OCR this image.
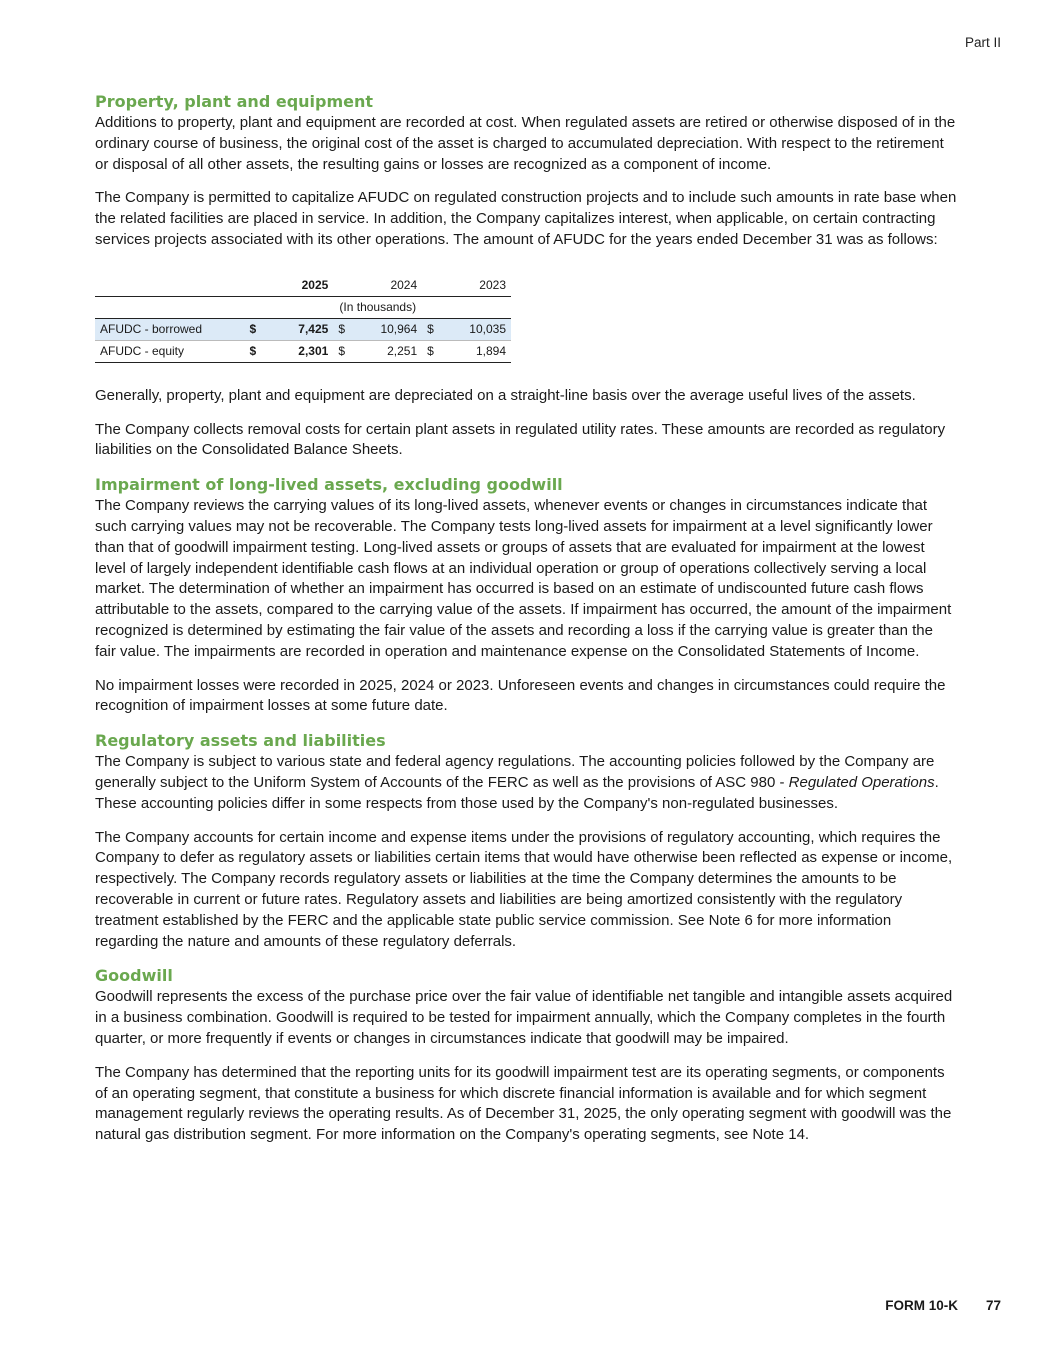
Part II
Property, plant and equipment

Additions to property, plant and equipment are recorded at cost. When regulated assets are retired or otherwise disposed of in the ordinary course of business, the original cost of the asset is charged to accumulated depreciation. With respect to the retirement or disposal of all other assets, the resulting gains or losses are recognized as a component of income.

The Company is permitted to capitalize AFUDC on regulated construction projects and to include such amounts in rate base when the related facilities are placed in service. In addition, the Company capitalizes interest, when applicable, on certain contracting services projects associated with its other operations. The amount of AFUDC for the years ended December 31 was as follows:

		2025		2024		2023
	(In thousands)					
AFUDC - borrowed	$	7,425	$	10,964	$	10,035
AFUDC - equity	$	2,301	$	2,251	$	1,894

Generally, property, plant and equipment are depreciated on a straight-line basis over the average useful lives of the assets.

The Company collects removal costs for certain plant assets in regulated utility rates. These amounts are recorded as regulatory liabilities on the Consolidated Balance Sheets.

Impairment of long-lived assets, excluding goodwill

The Company reviews the carrying values of its long-lived assets, whenever events or changes in circumstances indicate that such carrying values may not be recoverable. The Company tests long-lived assets for impairment at a level significantly lower than that of goodwill impairment testing. Long-lived assets or groups of assets that are evaluated for impairment at the lowest level of largely independent identifiable cash flows at an individual operation or group of operations collectively serving a local market. The determination of whether an impairment has occurred is based on an estimate of undiscounted future cash flows attributable to the assets, compared to the carrying value of the assets. If impairment has occurred, the amount of the impairment recognized is determined by estimating the fair value of the assets and recording a loss if the carrying value is greater than the fair value. The impairments are recorded in operation and maintenance expense on the Consolidated Statements of Income.

No impairment losses were recorded in 2025, 2024 or 2023. Unforeseen events and changes in circumstances could require the recognition of impairment losses at some future date.

Regulatory assets and liabilities

The Company is subject to various state and federal agency regulations. The accounting policies followed by the Company are generally subject to the Uniform System of Accounts of the FERC as well as the provisions of ASC 980 - Regulated Operations. These accounting policies differ in some respects from those used by the Company's non-regulated businesses.

The Company accounts for certain income and expense items under the provisions of regulatory accounting, which requires the Company to defer as regulatory assets or liabilities certain items that would have otherwise been reflected as expense or income, respectively. The Company records regulatory assets or liabilities at the time the Company determines the amounts to be recoverable in current or future rates. Regulatory assets and liabilities are being amortized consistently with the regulatory treatment established by the FERC and the applicable state public service commission. See Note 6 for more information regarding the nature and amounts of these regulatory deferrals.

Goodwill

Goodwill represents the excess of the purchase price over the fair value of identifiable net tangible and intangible assets acquired in a business combination. Goodwill is required to be tested for impairment annually, which the Company completes in the fourth quarter, or more frequently if events or changes in circumstances indicate that goodwill may be impaired.

The Company has determined that the reporting units for its goodwill impairment test are its operating segments, or components of an operating segment, that constitute a business for which discrete financial information is available and for which segment management regularly reviews the operating results. As of December 31, 2025, the only operating segment with goodwill was the natural gas distribution segment. For more information on the Company's operating segments, see Note 14.

FORM 10-K 77
